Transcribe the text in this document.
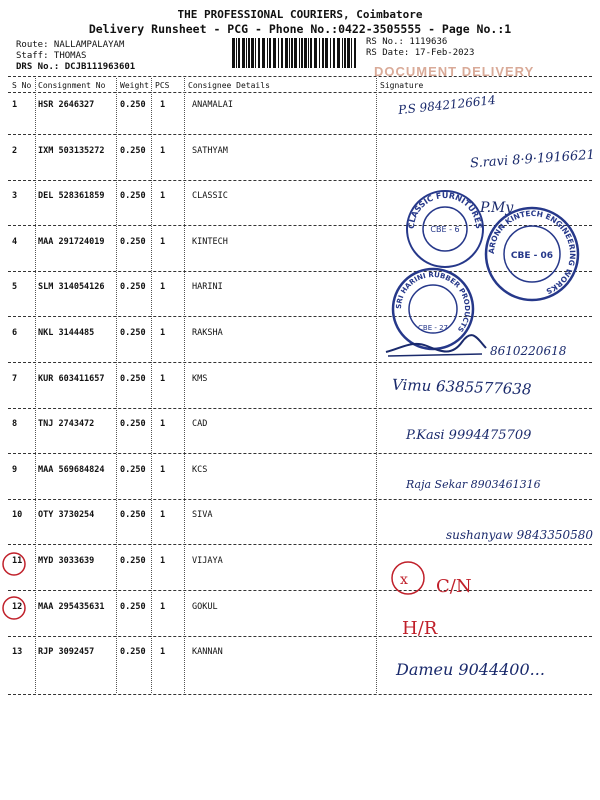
THE PROFESSIONAL COURIERS, Coimbatore
Delivery Runsheet - PCG - Phone No.:0422-3505555 - Page No.:1
Route: NALLAMPALAYAM
Staff: THOMAS
DRS No.: DCJB111963601
RS No.: 1119636
RS Date: 17-Feb-2023
DOCUMENT DELIVERY
S No Consignment No Weight PCS Consignee Details	Signature
1 HSR 2646327	0.250 1	ANAMALAI
2 IXM 503135272 0.250 1	SATHYAM
3 DEL 528361859 0.250 1	CLASSIC
4 MAA 291724019 0.250 1	KINTECH
5 SLM 314054126 0.250 1	HARINI
6 NKL 3144485	0.250 1	RAKSHA
7 KUR 603411657 0.250 1	KMS
8 TNJ 2743472	0.250 1	CAD
9 MAA 569684824 0.250 1	KCS
10 OTY 3730254	0.250 1	SIVA
11 MYD 3033639	0.250 1	VIJAYA
12 MAA 295435631 0.250 1	GOKUL
13 RJP 3092457	0.250 1	KANNAN
P.S 9842126614
S.ravi 8·9·1916621
P.My
8610220618
Vimu 6385577638
P.Kasi 9994475709
Raja Sekar 8903461316
sushanyaw 9843350580
Dameu 9044400...
x C/N
H/R
CLASSIC FURNITURES
CBE - 6
ARONN KINTECH ENGINEERING WORKS
CBE - 06
SRI HARINI RUBBER PRODUCTS
CBE - 27
